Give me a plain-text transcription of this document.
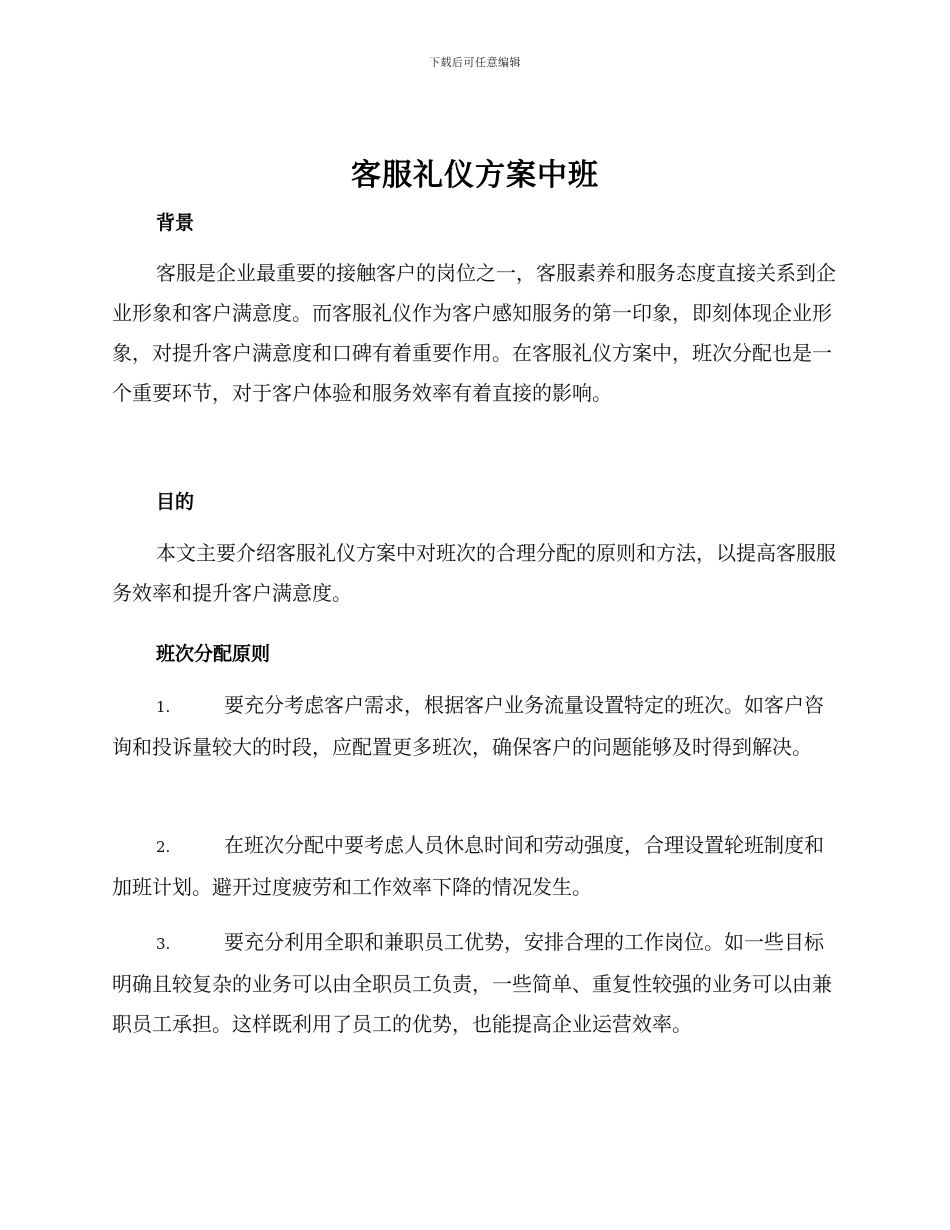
下载后可任意编辑
客服礼仪方案中班
背景

客服是企业最重要的接触客户的岗位之一，客服素养和服务态度直接关系到企业形象和客户满意度。而客服礼仪作为客户感知服务的第一印象，即刻体现企业形象，对提升客户满意度和口碑有着重要作用。在客服礼仪方案中，班次分配也是一个重要环节，对于客户体验和服务效率有着直接的影响。

目的

本文主要介绍客服礼仪方案中对班次的合理分配的原则和方法，以提高客服服务效率和提升客户满意度。

班次分配原则
1.	要充分考虑客户需求，根据客户业务流量设置特定的班次。如客户咨询和投诉量较大的时段，应配置更多班次，确保客户的问题能够及时得到解决。
2.	在班次分配中要考虑人员休息时间和劳动强度，合理设置轮班制度和加班计划。避开过度疲劳和工作效率下降的情况发生。
3.	要充分利用全职和兼职员工优势，安排合理的工作岗位。如一些目标明确且较复杂的业务可以由全职员工负责，一些简单、重复性较强的业务可以由兼职员工承担。这样既利用了员工的优势，也能提高企业运营效率。
